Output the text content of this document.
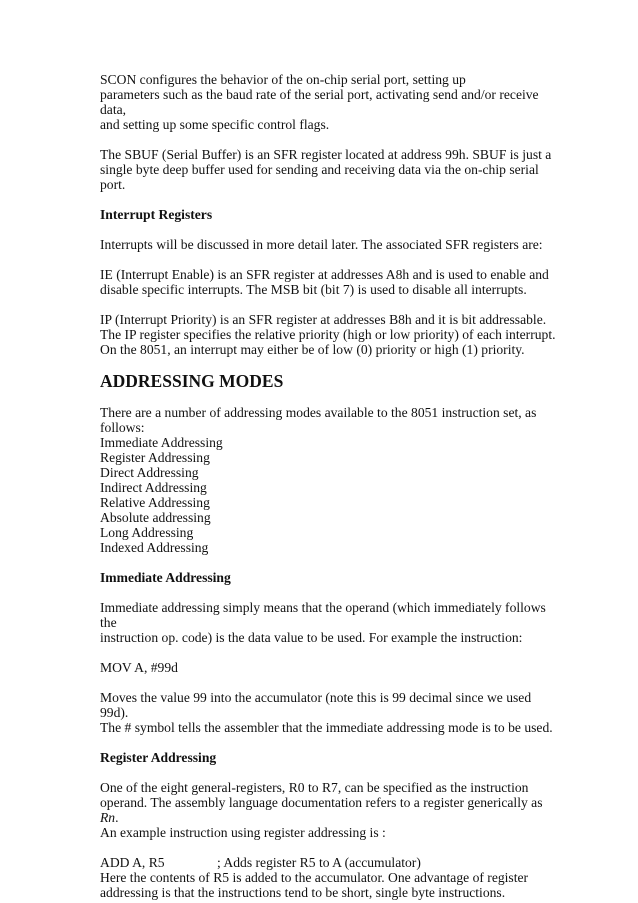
SCON configures the behavior of the on-chip serial port, setting up
parameters such as the baud rate of the serial port, activating send and/or receive data,
and setting up some specific control flags.

The SBUF (Serial Buffer) is an SFR register located at address 99h. SBUF is just a
single byte deep buffer used for sending and receiving data via the on-chip serial port.

Interrupt Registers

Interrupts will be discussed in more detail later. The associated SFR registers are:

IE (Interrupt Enable) is an SFR register at addresses A8h and is used to enable and
disable specific interrupts. The MSB bit (bit 7) is used to disable all interrupts.

IP (Interrupt Priority) is an SFR register at addresses B8h and it is bit addressable.
The IP register specifies the relative priority (high or low priority) of each interrupt.
On the 8051, an interrupt may either be of low (0) priority or high (1) priority.

ADDRESSING MODES

There are a number of addressing modes available to the 8051 instruction set, as
follows:

Immediate Addressing
Register Addressing
Direct Addressing
Indirect Addressing
Relative Addressing
Absolute addressing
Long Addressing
Indexed Addressing

Immediate Addressing

Immediate addressing simply means that the operand (which immediately follows the
instruction op. code) is the data value to be used. For example the instruction:

MOV A, #99d

Moves the value 99 into the accumulator (note this is 99 decimal since we used 99d).
The # symbol tells the assembler that the immediate addressing mode is to be used.

Register Addressing

One of the eight general-registers, R0 to R7, can be specified as the instruction
operand. The assembly language documentation refers to a register generically as Rn.
An example instruction using register addressing is :

ADD A, R5	; Adds register R5 to A (accumulator)

Here the contents of R5 is added to the accumulator. One advantage of register
addressing is that the instructions tend to be short, single byte instructions.
